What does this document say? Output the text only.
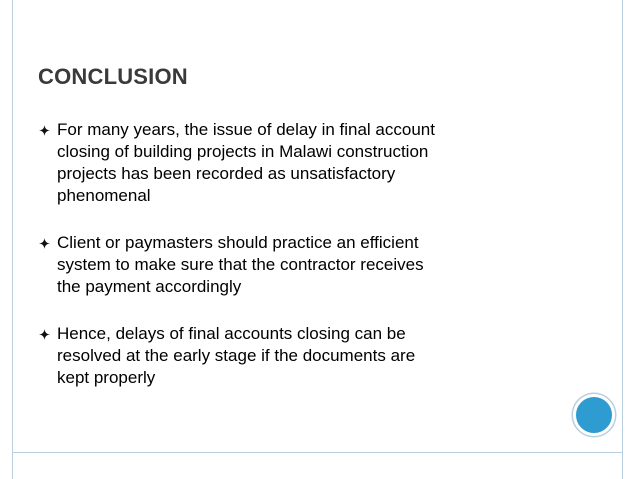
CONCLUSION
For many years, the issue of delay in final account
closing of building projects in Malawi construction
projects has been recorded as unsatisfactory
phenomenal
Client or paymasters should practice an efficient
system to make sure that the contractor receives
the payment accordingly
Hence, delays of final accounts closing can be
resolved at the early stage if the documents are
kept properly
